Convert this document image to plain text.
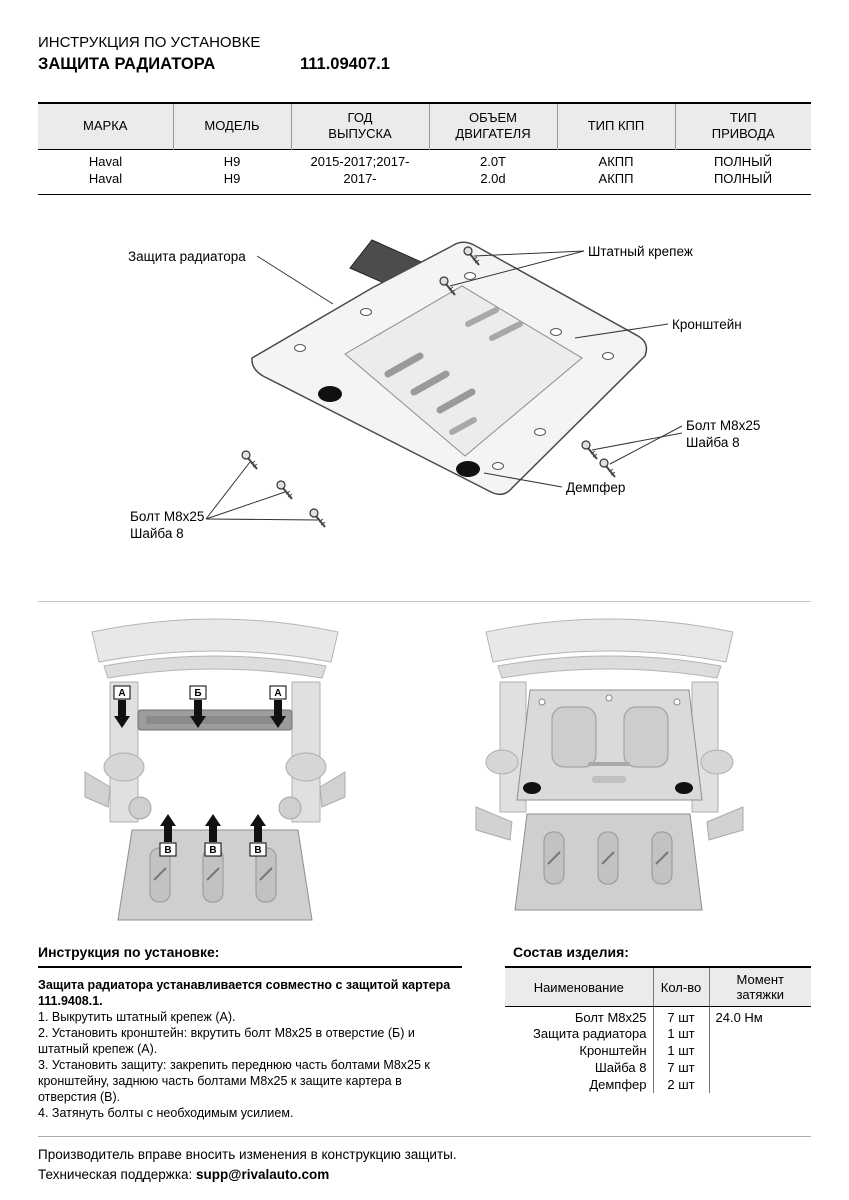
ИНСТРУКЦИЯ ПО УСТАНОВКЕ
ЗАЩИТА РАДИАТОРА	111.09407.1
МАРКА	МОДЕЛЬ	ГОД ВЫПУСКА	ОБЪЕМ ДВИГАТЕЛЯ	ТИП КПП	ТИП ПРИВОДА
Haval	H9	2015-2017;2017-	2.0T	АКПП	ПОЛНЫЙ
Haval	H9	2017-	2.0d	АКПП	ПОЛНЫЙ
Защита радиатора	Штатный крепеж
Кронштейн
Болт М8х25
Шайба 8
Демпфер
Болт М8х25
Шайба 8
А	Б	А
В	В	В
Инструкция по установке:
Защита радиатора устанавливается совместно с защитой картера 111.9408.1.
1. Выкрутить штатный крепеж (А).
2. Установить кронштейн: вкрутить болт М8х25 в отверстие (Б) и штатный крепеж (А).
3. Установить защиту: закрепить переднюю часть болтами М8х25 к кронштейну, заднюю часть болтами М8х25 к защите картера в отверстия (В).
4. Затянуть болты с необходимым усилием.
Состав изделия:
Наименование	Кол-во	Момент затяжки
Болт М8х25	7 шт	24.0 Нм
Защита радиатора	1 шт	
Кронштейн	1 шт	
Шайба 8	7 шт	
Демпфер	2 шт	
Производитель вправе вносить изменения в конструкцию защиты.
Техническая поддержка: supp@rivalauto.com
